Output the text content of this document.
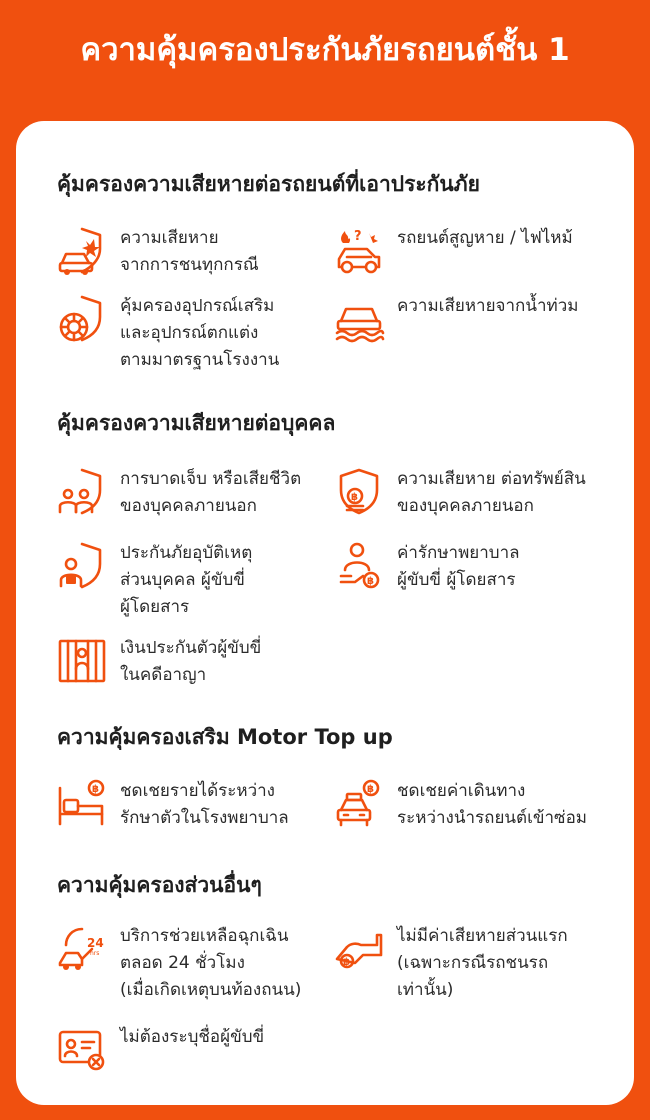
ความคุ้มครองประกันภัยรถยนต์ชั้น 1
คุ้มครองความเสียหายต่อรถยนต์ที่เอาประกันภัย
ความเสียหาย
จากการชนทุกกรณี
? รถยนต์สูญหาย / ไฟไหม้
คุ้มครองอุปกรณ์เสริม
และอุปกรณ์ตกแต่ง
ตามมาตรฐานโรงงาน
ความเสียหายจากน้ำท่วม
คุ้มครองความเสียหายต่อบุคคล
การบาดเจ็บ หรือเสียชีวิต
ของบุคคลภายนอก	฿
ความเสียหาย ต่อทรัพย์สิน
ของบุคคลภายนอก
ประกันภัยอุบัติเหตุ
ส่วนบุคคล ผู้ขับขี่
ผู้โดยสาร
฿
ค่ารักษาพยาบาล
ผู้ขับขี่ ผู้โดยสาร
เงินประกันตัวผู้ขับขี่
ในคดีอาญา
ความคุ้มครองเสริม Motor Top up
฿ ชดเชยรายได้ระหว่าง
รักษาตัวในโรงพยาบาล
฿ ชดเชยค่าเดินทาง
ระหว่างนำรถยนต์เข้าซ่อม
ความคุ้มครองส่วนอื่นๆ
24
hrs
บริการช่วยเหลือฉุกเฉิน
ตลอด 24 ชั่วโมง
(เมื่อเกิดเหตุบนท้องถนน)
฿
ไม่มีค่าเสียหายส่วนแรก
(เฉพาะกรณีรถชนรถ
เท่านั้น)
ไม่ต้องระบุชื่อผู้ขับขี่
